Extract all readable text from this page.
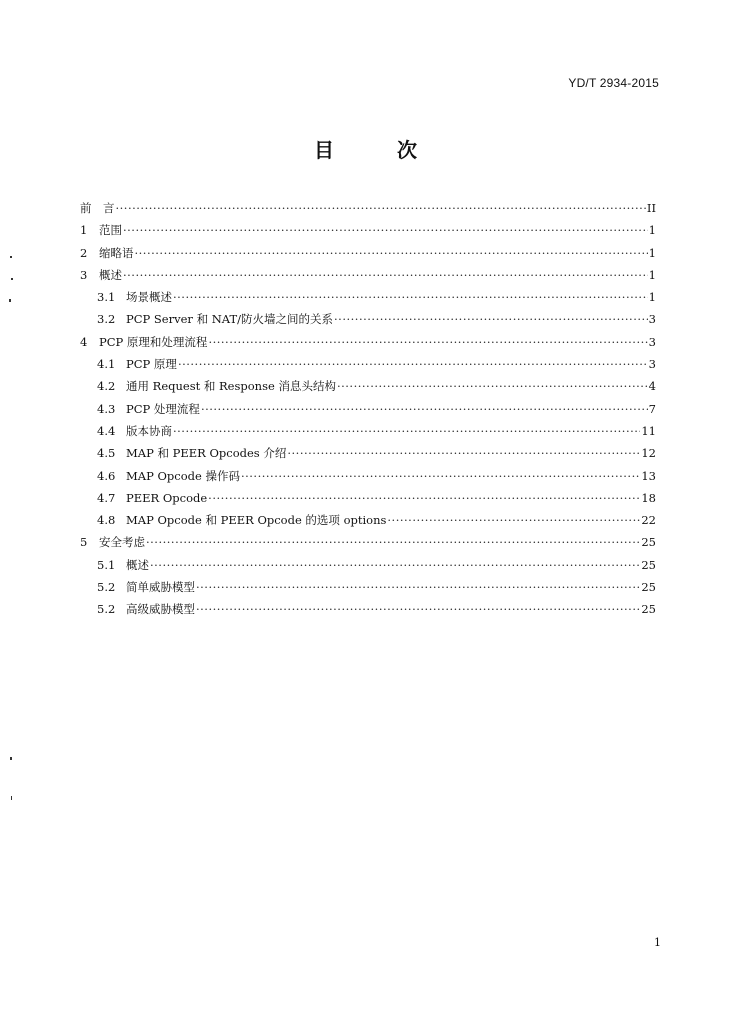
YD/T 2934-2015
目 次
前　言 ·····	II
1	范围 ·····	1
2	缩略语 ·····	1
3	概述 ·····	1
3.1 场景概述 ·····	1
3.2 PCP Server 和 NAT/防火墙之间的关系 ·····	3
4	PCP 原理和处理流程 ·····	3
4.1 PCP 原理 ·····	3
4.2 通用 Request 和 Response 消息头结构 ·····	4
4.3 PCP 处理流程 ·····	7
4.4 版本协商 ·····	11
4.5 MAP 和 PEER Opcodes 介绍 ·····	12
4.6 MAP Opcode 操作码 ·····	13
4.7 PEER Opcode ·····	18
4.8 MAP Opcode 和 PEER Opcode 的选项 options ·····	22
5	安全考虑 ·····	25
5.1 概述 ·····	25
5.2 简单威胁模型 ·····	25
5.2 高级威胁模型 ·····	25
1
